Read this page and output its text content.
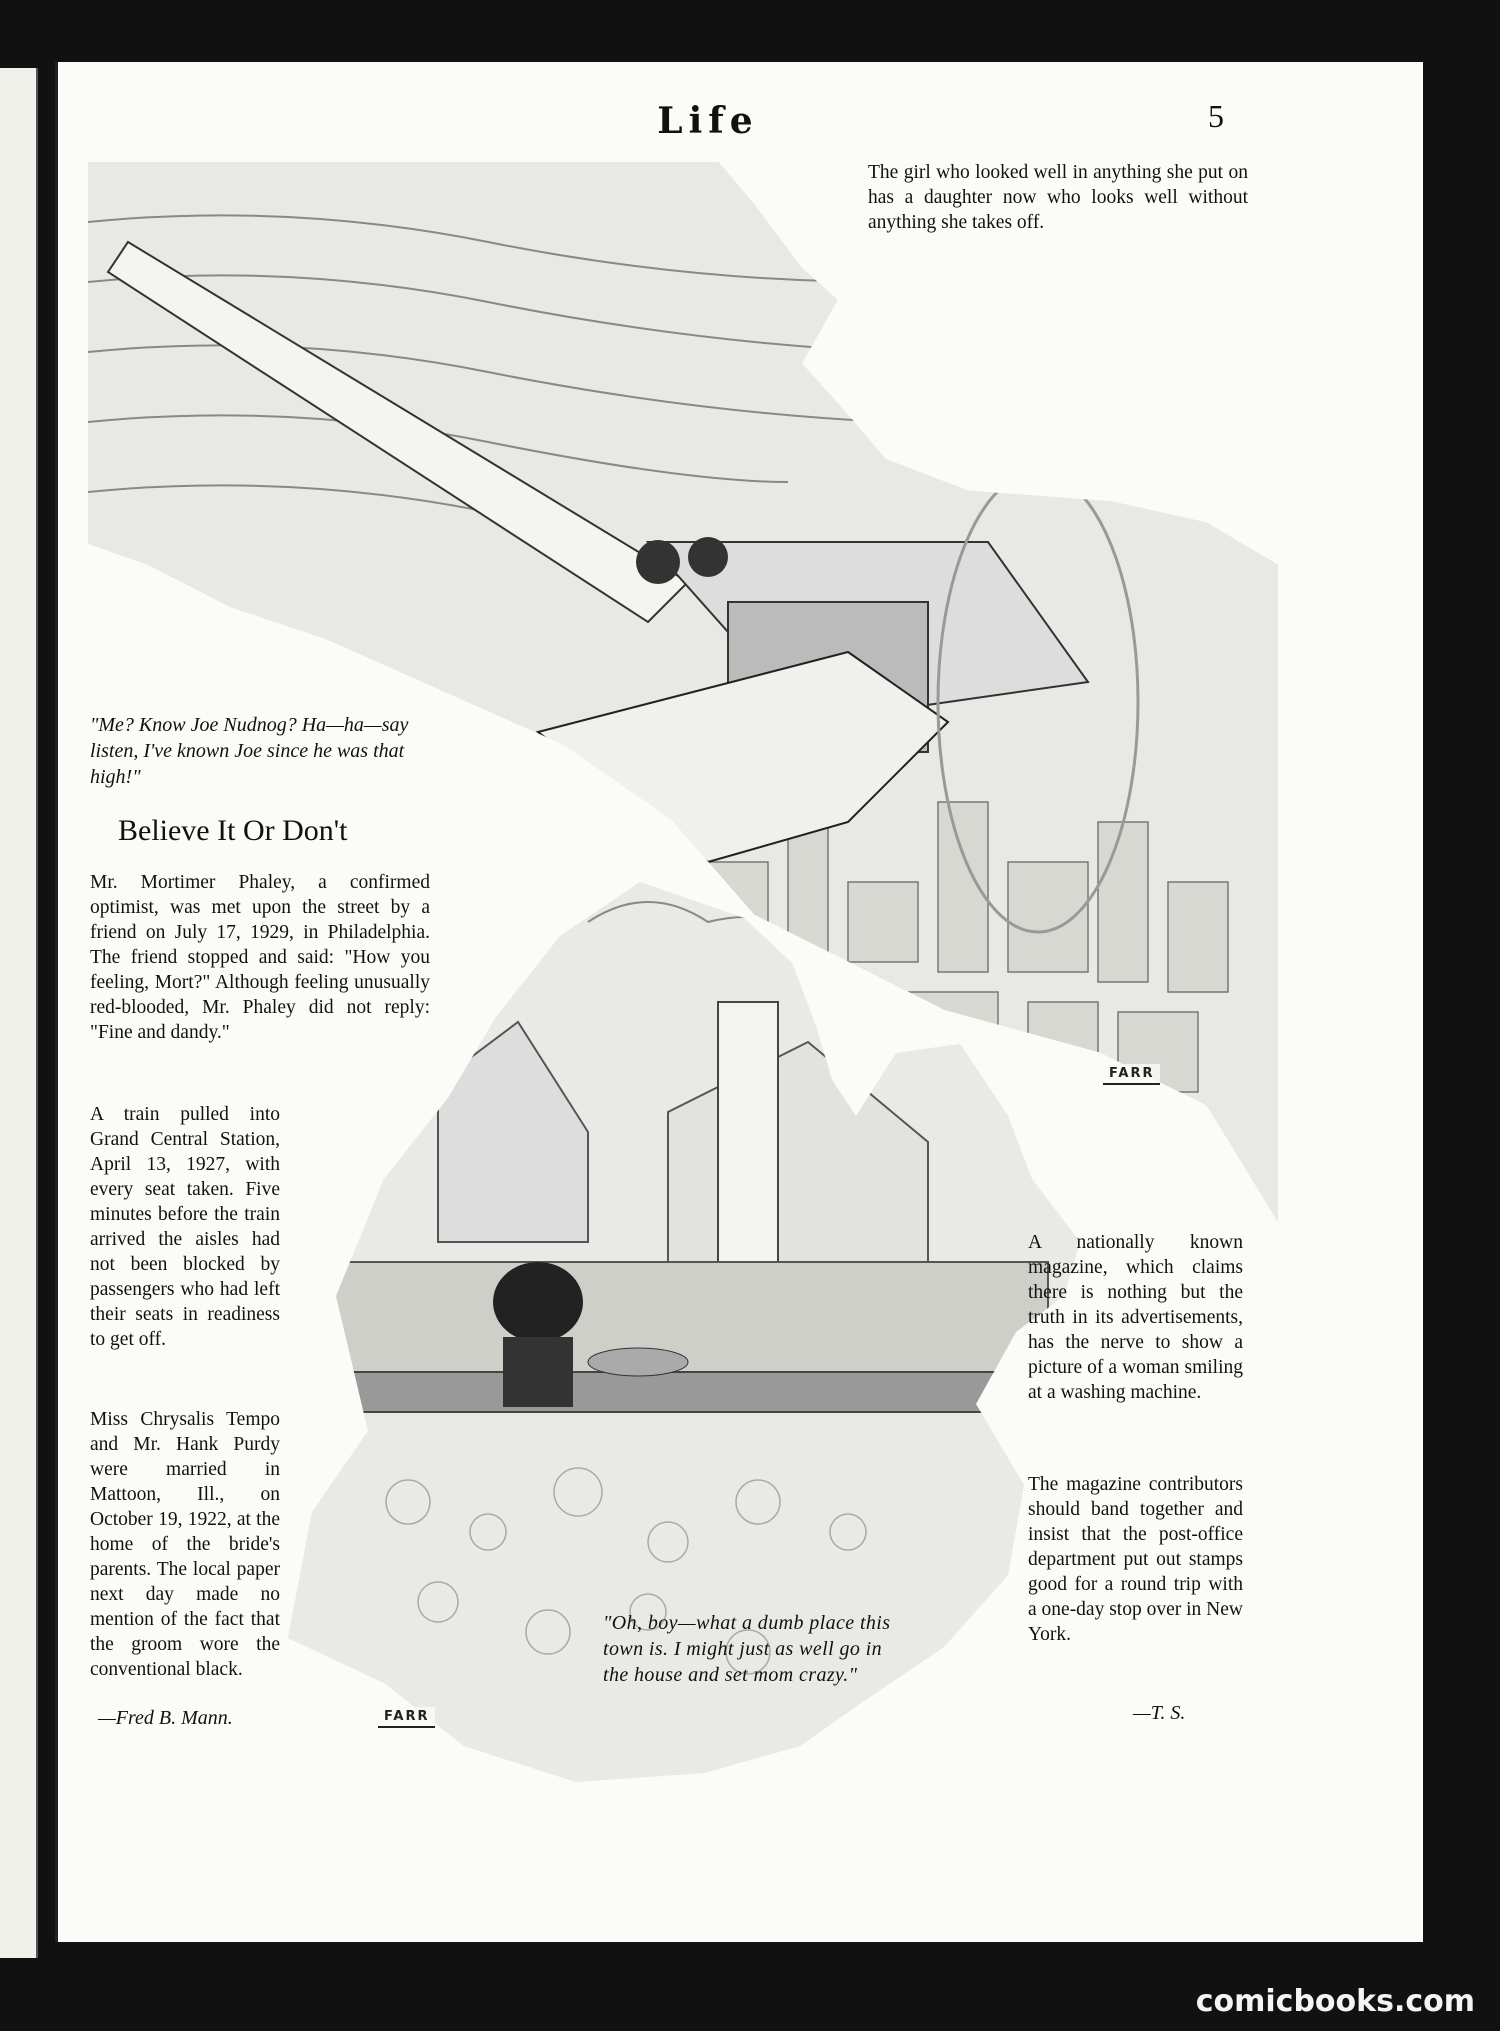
Life	5
FARR
FARR
The girl who looked well in anything she put on has a daughter now who looks well without anything she takes off.
"Me? Know Joe Nudnog? Ha—ha—say listen, I've known Joe since he was that high!"
Believe It Or Don't
Mr. Mortimer Phaley, a confirmed optimist, was met upon the street by a friend on July 17, 1929, in Philadelphia. The friend stopped and said: "How you feeling, Mort?" Although feeling unusually red-blooded, Mr. Phaley did not reply: "Fine and dandy."
A train pulled into Grand Central Station, April 13, 1927, with every seat taken. Five minutes before the train arrived the aisles had not been blocked by passengers who had left their seats in readiness to get off.
Miss Chrysalis Tempo and Mr. Hank Purdy were married in Mattoon, Ill., on October 19, 1922, at the home of the bride's parents. The local paper next day made no mention of the fact that the groom wore the conventional black.
—Fred B. Mann.
"Oh, boy—what a dumb place this town is. I might just as well go in the house and set mom crazy."
A nationally known magazine, which claims there is nothing but the truth in its advertisements, has the nerve to show a picture of a woman smiling at a washing machine.
The magazine contributors should band together and insist that the post-office department put out stamps good for a round trip with a one-day stop over in New York.
—T. S.
comicbooks.com
